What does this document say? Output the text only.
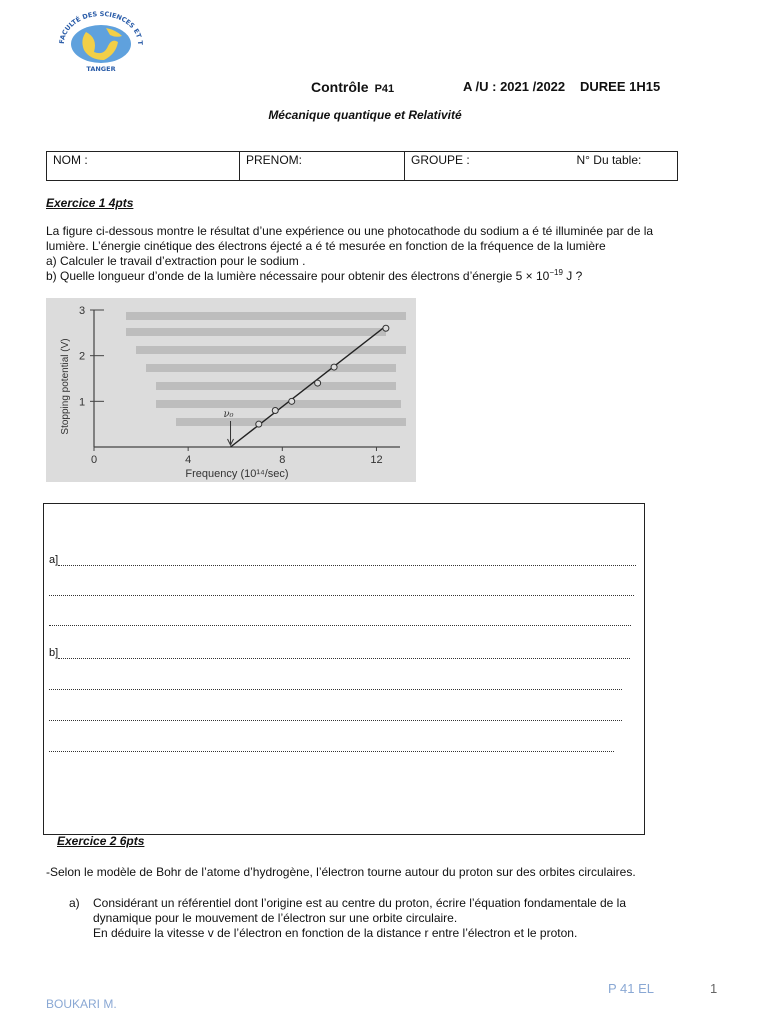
FACULTÉ DES SCIENCES ET T
TANGER
Contrôle P41	A /U : 2021 /2022 DUREE 1H15
Mécanique quantique et Relativité
NOM :	PRENOM:	GROUPE :	N° Du table:
Exercice 1 4pts
La figure ci-dessous montre le résultat d’une expérience ou une photocathode du sodium a é té illuminée par de la
lumière. L’énergie cinétique des électrons éjecté a é té mesurée en fonction de la fréquence de la lumière
a) Calculer le travail d’extraction pour le sodium .
b) Quelle longueur d’onde de la lumière nécessaire pour obtenir des électrons d’énergie $5 \times 10^{-19}$ J ?
0	4	8	12
1
2
3
Frequency (10¹⁴/sec)
Stopping potential (V)	ν₀
a]
b]
Exercice 2 6pts
-Selon le modèle de Bohr de l’atome d’hydrogène, l’électron tourne autour du proton sur des orbites circulaires.
a)	Considérant un référentiel dont l’origine est au centre du proton, écrire l’équation fondamentale de la
dynamique pour le mouvement de l’électron sur une orbite circulaire.
En déduire la vitesse v de l’électron en fonction de la distance r entre l’électron et le proton.
P 41 EL	1
BOUKARI M.
